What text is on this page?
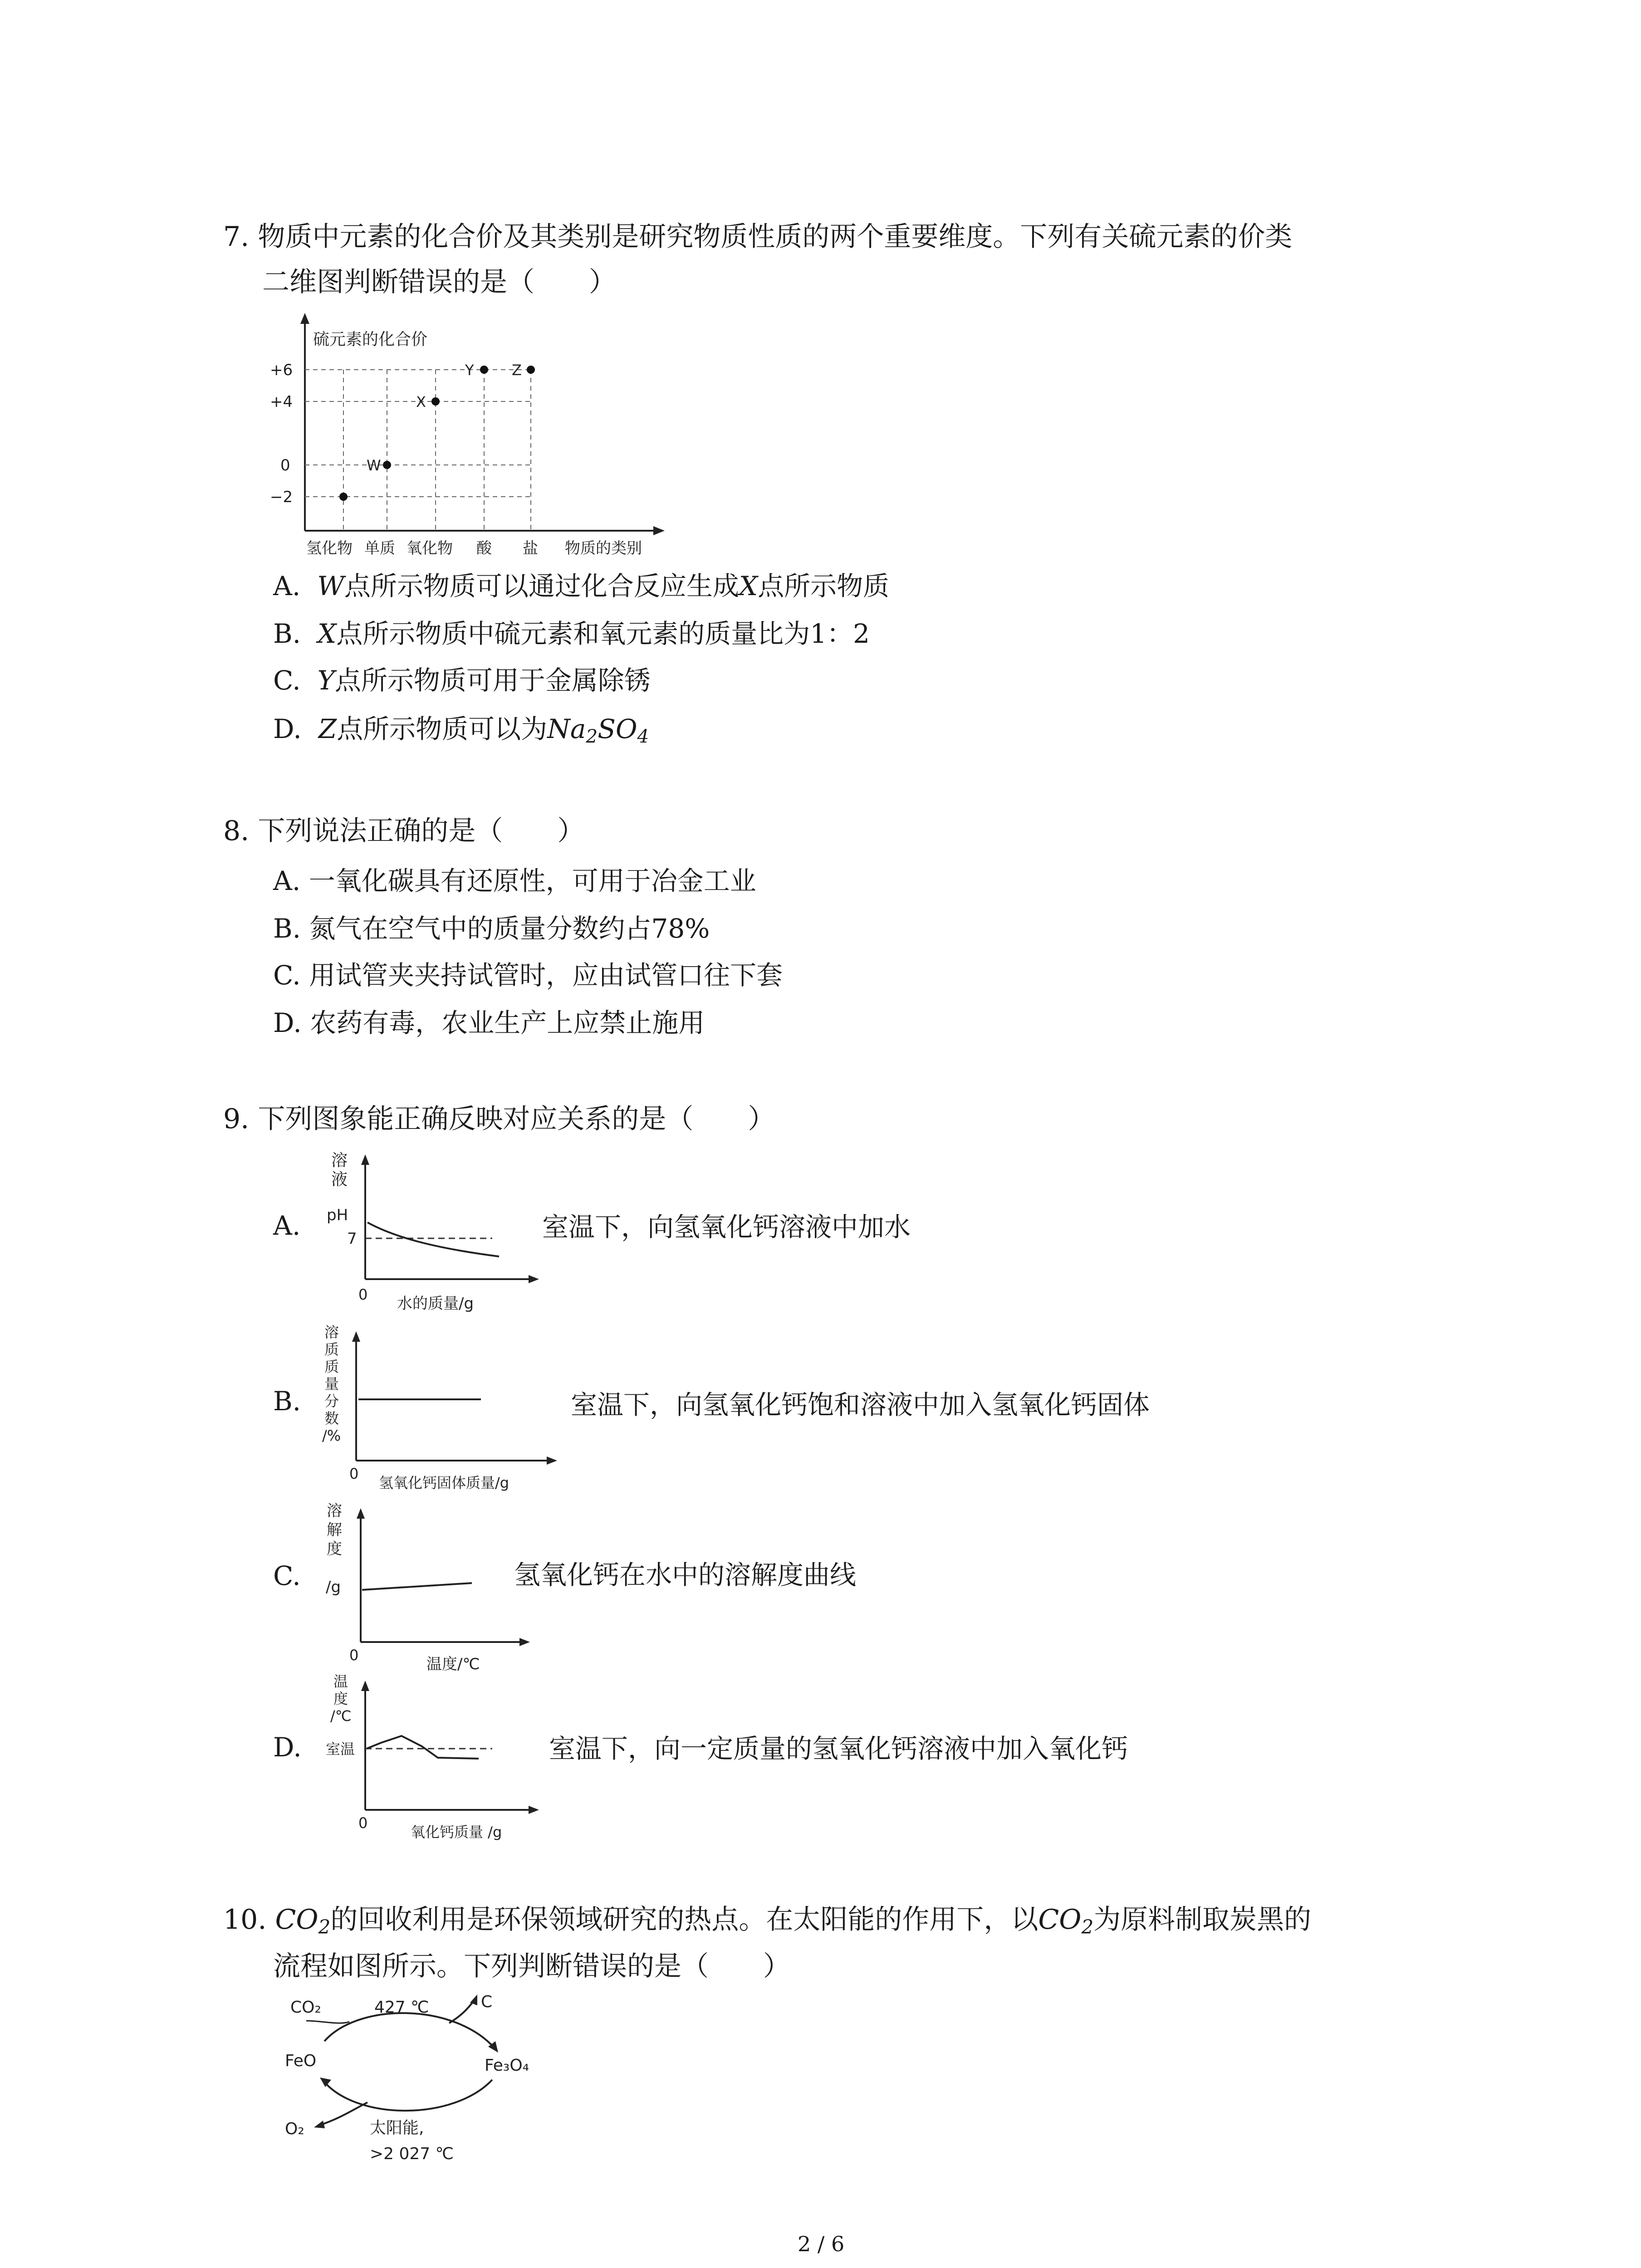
7. 物质中元素的化合价及其类别是研究物质性质的两个重要维度。下列有关硫元素的价类
二维图判断错误的是（　　）
硫元素的化合价
+6
+4
0
−2
氢化物 单质 氧化物 酸 盐 物质的类别
W
X
Y	Z
A. W点所示物质可以通过化合反应生成X点所示物质
B. X点所示物质中硫元素和氧元素的质量比为1：2
C. Y点所示物质可用于金属除锈
D. Z点所示物质可以为$Na_2SO_4$
8. 下列说法正确的是（　　）
A. 一氧化碳具有还原性，可用于冶金工业
B. 氮气在空气中的质量分数约占78%
C. 用试管夹夹持试管时，应由试管口往下套
D. 农药有毒，农业生产上应禁止施用
9. 下列图象能正确反映对应关系的是（　　）
A.
溶
液
pH
7
0 水的质量/g
室温下，向氢氧化钙溶液中加水
B.
溶
质
质
量
分
数
/%
0
氢氧化钙固体质量/g
室温下，向氢氧化钙饱和溶液中加入氢氧化钙固体
C.
溶
解
度
/g
0	温度/℃
氢氧化钙在水中的溶解度曲线
D.
温
度
/℃
室温
0
氧化钙质量 /g
室温下，向一定质量的氢氧化钙溶液中加入氧化钙
10. $CO_2$的回收利用是环保领域研究的热点。在太阳能的作用下，以$CO_2$为原料制取炭黑的
流程如图所示。下列判断错误的是（　　）
CO₂	427 ℃	C
FeO	Fe₃O₄
O₂	太阳能,
>2 027 ℃
2 / 6
